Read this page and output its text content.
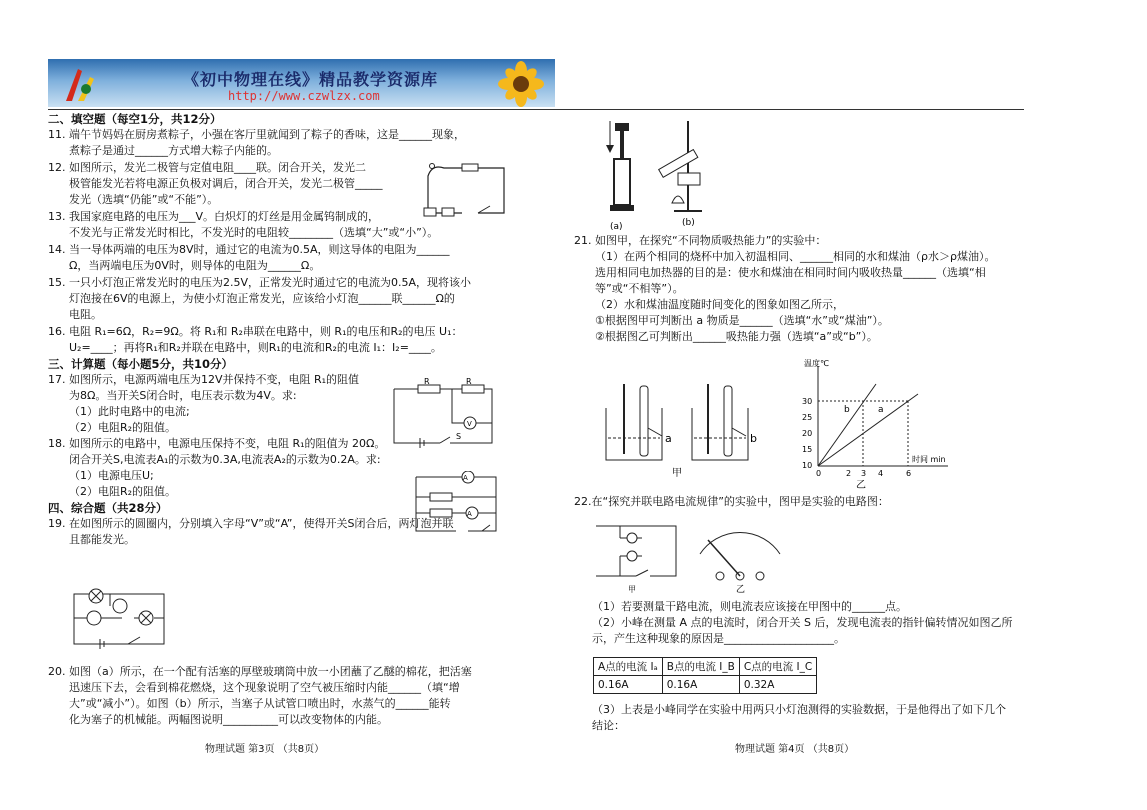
《初中物理在线》精品教学资源库
http://www.czwlzx.com

二、填空题（每空1分，共12分）

11. 端午节妈妈在厨房煮粽子，小强在客厅里就闻到了粽子的香味，这是______现象，

煮粽子是通过______方式增大粽子内能的。

12. 如图所示，发光二极管与定值电阻____联。闭合开关，发光二

极管能发光若将电源正负极对调后，闭合开关，发光二极管_____

发光（选填“仍能”或“不能”）。

13. 我国家庭电路的电压为___V。白炽灯的灯丝是用金属钨制成的，

不发光与正常发光时相比，不发光时的电阻较________（选填“大”或“小”）。

14. 当一导体两端的电压为8V时，通过它的电流为0.5A，则这导体的电阻为______

Ω，当两端电压为0V时，则导体的电阻为______Ω。

15. 一只小灯泡正常发光时的电压为2.5V，正常发光时通过它的电流为0.5A，现将该小

灯泡接在6V的电源上，为使小灯泡正常发光，应该给小灯泡______联______Ω的

电阻。

16. 电阻 R₁=6Ω，R₂=9Ω。将 R₁和 R₂串联在电路中，则 R₁的电压和R₂的电压 U₁：

U₂=____；再将R₁和R₂并联在电路中，则R₁的电流和R₂的电流 I₁：I₂=____。

三、计算题（每小题5分，共10分）

17. 如图所示，电源两端电压为12V并保持不变，电阻 R₁的阻值

为8Ω。当开关S闭合时，电压表示数为4V。求:

（1）此时电路中的电流;

（2）电阻R₂的阻值。

18. 如图所示的电路中，电源电压保持不变，电阻 R₁的阻值为 20Ω。

闭合开关S,电流表A₁的示数为0.3A,电流表A₂的示数为0.2A。求:

（1）电源电压U;

（2）电阻R₂的阻值。

四、综合题（共28分）

19. 在如图所示的圆圈内，分别填入字母“V”或“A”，使得开关S闭合后，两灯泡并联

且都能发光。

V
R	R
S
A
A

20. 如图（a）所示，在一个配有活塞的厚壁玻璃筒中放一小团蘸了乙醚的棉花，把活塞

迅速压下去，会看到棉花燃烧，这个现象说明了空气被压缩时内能______（填“增

大”或“减小”）。如图（b）所示，当塞子从试管口喷出时，水蒸气的______能转

化为塞子的机械能。两幅图说明__________可以改变物体的内能。

物理试题 第3页 （共8页）
(a)	(b)

21. 如图甲，在探究“不同物质吸热能力”的实验中：

（1）在两个相同的烧杯中加入初温相同、______相同的水和煤油（ρ水＞ρ煤油）。

选用相同电加热器的目的是：使水和煤油在相同时间内吸收热量______（选填“相

等”或“不相等”）。

（2）水和煤油温度随时间变化的图象如图乙所示，

①根据图甲可判断出 a 物质是______（选填“水”或“煤油”）。

②根据图乙可判断出______吸热能力强（选填“a”或“b”）。

a	b
甲
温度℃
时间 min
30
25
20
15
10
0	2 3 4	6
b	a
乙

22.在“探究并联电路电流规律”的实验中，图甲是实验的电路图：

甲	乙

（1）若要测量干路电流，则电流表应该接在甲图中的______点。

（2）小峰在测量 A 点的电流时，闭合开关 S 后，发现电流表的指针偏转情况如图乙所

示，产生这种现象的原因是____________________。

A点的电流 Iₐ	B点的电流 I_B	C点的电流 I_C
0.16A	0.16A	0.32A

（3）上表是小峰同学在实验中用两只小灯泡测得的实验数据，于是他得出了如下几个

结论：

物理试题 第4页 （共8页）
